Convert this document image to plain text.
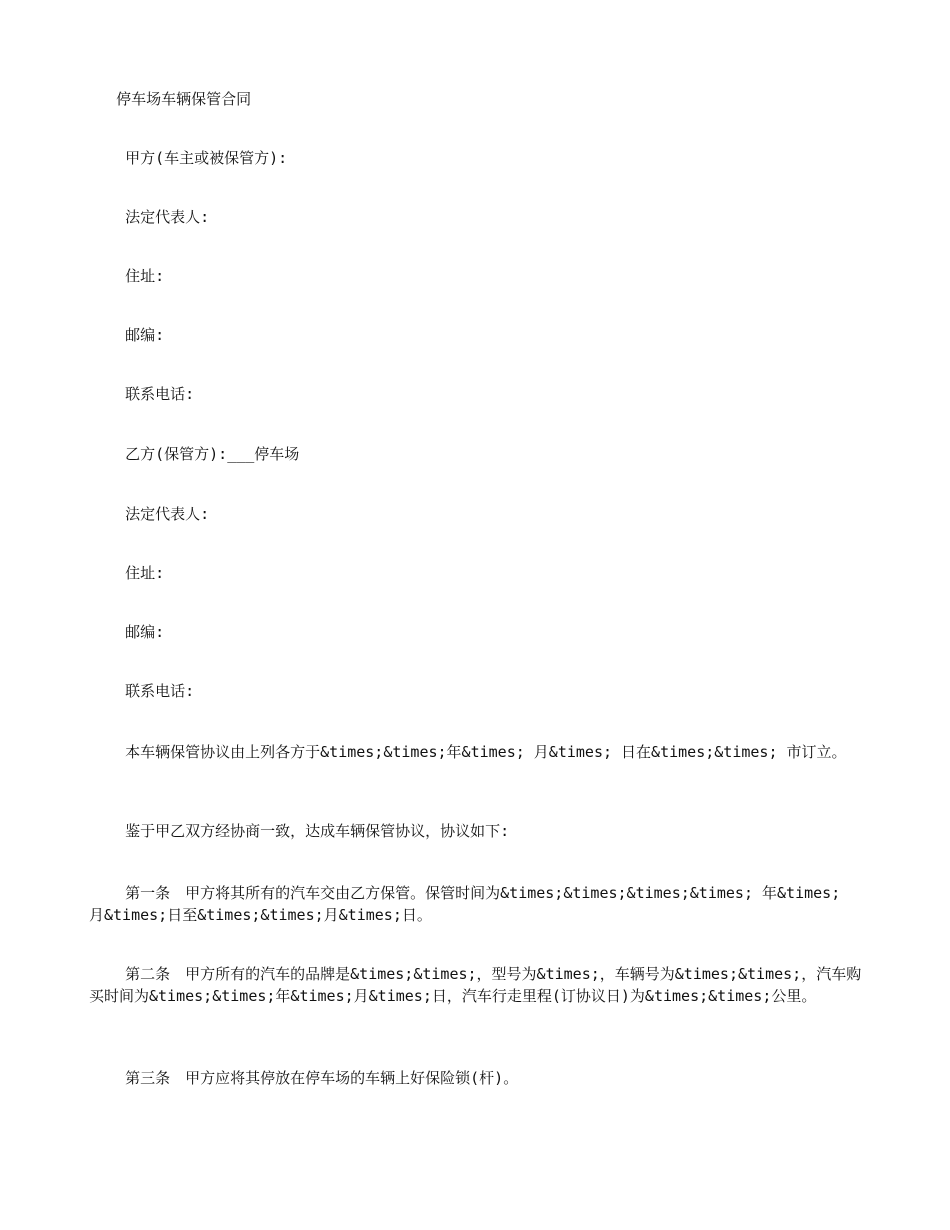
停车场车辆保管合同
甲方(车主或被保管方):
法定代表人:
住址:
邮编:
联系电话:
乙方(保管方):___停车场
法定代表人:
住址:
邮编:
联系电话:
本车辆保管协议由上列各方于&times;&times;年&times; 月&times; 日在&times;&times; 市订立。
鉴于甲乙双方经协商一致，达成车辆保管协议，协议如下:
第一条　甲方将其所有的汽车交由乙方保管。保管时间为&times;&times;&times;&times; 年&times; 月&times;日至&times;&times;月&times;日。
第二条　甲方所有的汽车的品牌是&times;&times;，型号为&times;，车辆号为&times;&times;，汽车购买时间为&times;&times;年&times;月&times;日，汽车行走里程(订协议日)为&times;&times;公里。
第三条　甲方应将其停放在停车场的车辆上好保险锁(杆)。
